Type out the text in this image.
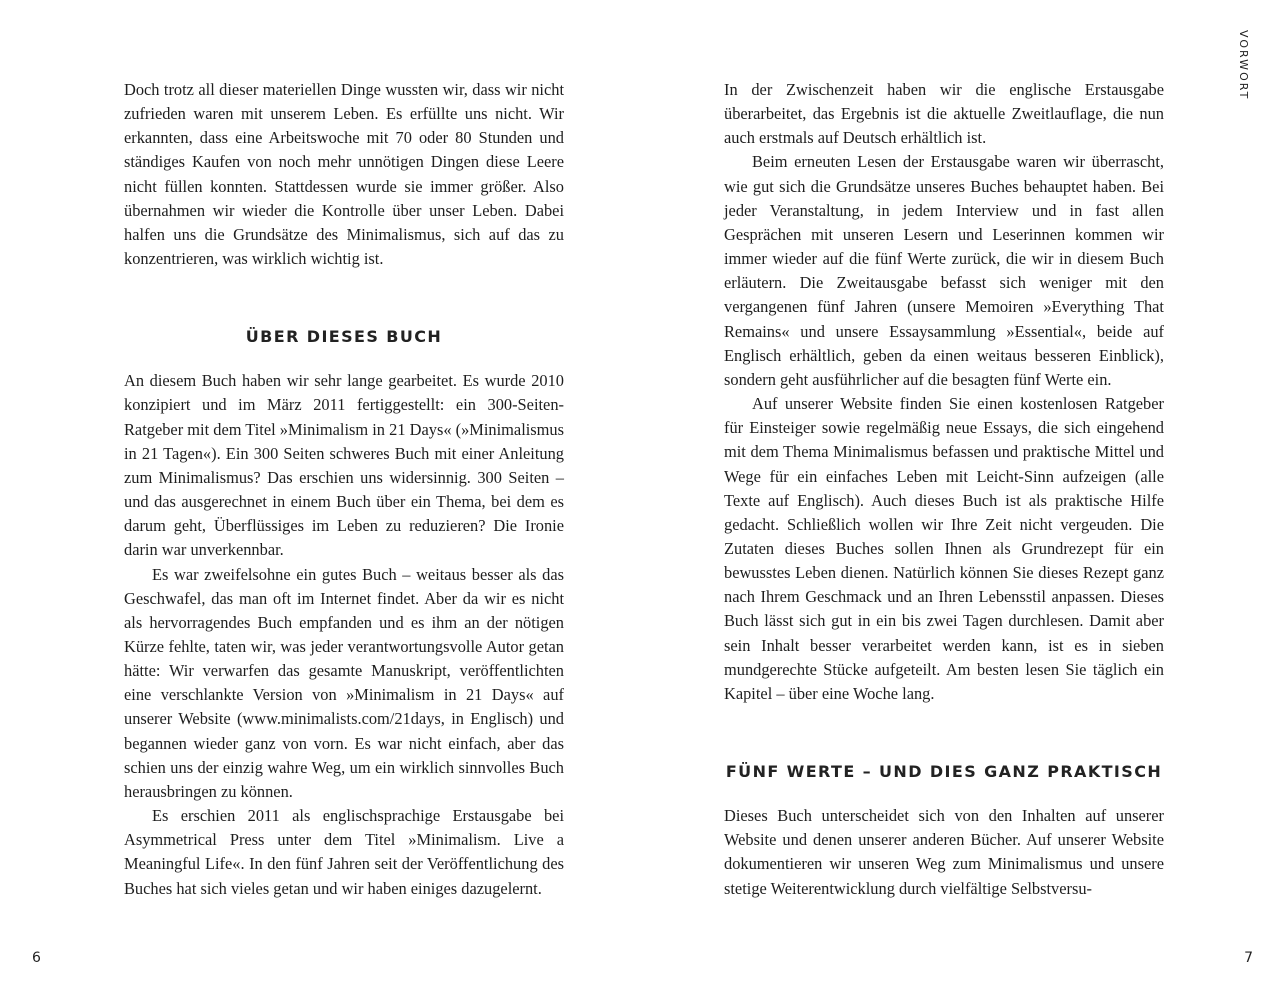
Doch trotz all dieser materiellen Dinge wussten wir, dass wir nicht zufrieden waren mit unserem Leben. Es erfüllte uns nicht. Wir erkannten, dass eine Arbeitswoche mit 70 oder 80 Stunden und ständiges Kaufen von noch mehr unnötigen Dingen diese Leere nicht füllen konnten. Stattdessen wurde sie immer größer. Also übernahmen wir wieder die Kontrolle über unser Leben. Dabei halfen uns die Grundsätze des Minimalismus, sich auf das zu konzentrieren, was wirklich wichtig ist.

ÜBER DIESES BUCH

An diesem Buch haben wir sehr lange gearbeitet. Es wurde 2010 konzipiert und im März 2011 fertiggestellt: ein 300-Seiten-Ratgeber mit dem Titel »Minimalism in 21 Days« (»Minimalismus in 21 Tagen«). Ein 300 Seiten schweres Buch mit einer Anleitung zum Minimalismus? Das erschien uns widersinnig. 300 Seiten – und das ausgerechnet in einem Buch über ein Thema, bei dem es darum geht, Überflüssiges im Leben zu reduzieren? Die Ironie darin war unverkennbar.

Es war zweifelsohne ein gutes Buch – weitaus besser als das Geschwafel, das man oft im Internet findet. Aber da wir es nicht als hervorragendes Buch empfanden und es ihm an der nötigen Kürze fehlte, taten wir, was jeder verantwortungsvolle Autor getan hätte: Wir verwarfen das gesamte Manuskript, veröffentlichten eine verschlankte Version von »Minimalism in 21 Days« auf unserer Website (www.minimalists.com/21days, in Englisch) und begannen wieder ganz von vorn. Es war nicht einfach, aber das schien uns der einzig wahre Weg, um ein wirklich sinnvolles Buch herausbringen zu können.

Es erschien 2011 als englischsprachige Erstausgabe bei Asymmetrical Press unter dem Titel »Minimalism. Live a Meaningful Life«. In den fünf Jahren seit der Veröffentlichung des Buches hat sich vieles getan und wir haben einiges dazugelernt.

6

In der Zwischenzeit haben wir die englische Erstausgabe überarbeitet, das Ergebnis ist die aktuelle Zweitlauflage, die nun auch erstmals auf Deutsch erhältlich ist.

Beim erneuten Lesen der Erstausgabe waren wir überrascht, wie gut sich die Grundsätze unseres Buches behauptet haben. Bei jeder Veranstaltung, in jedem Interview und in fast allen Gesprächen mit unseren Lesern und Leserinnen kommen wir immer wieder auf die fünf Werte zurück, die wir in diesem Buch erläutern. Die Zweitausgabe befasst sich weniger mit den vergangenen fünf Jahren (unsere Memoiren »Everything That Remains« und unsere Essaysammlung »Essential«, beide auf Englisch erhältlich, geben da einen weitaus besseren Einblick), sondern geht ausführlicher auf die besagten fünf Werte ein.

Auf unserer Website finden Sie einen kostenlosen Ratgeber für Einsteiger sowie regelmäßig neue Essays, die sich eingehend mit dem Thema Minimalismus befassen und praktische Mittel und Wege für ein einfaches Leben mit Leicht-Sinn aufzeigen (alle Texte auf Englisch). Auch dieses Buch ist als praktische Hilfe gedacht. Schließlich wollen wir Ihre Zeit nicht vergeuden. Die Zutaten dieses Buches sollen Ihnen als Grundrezept für ein bewusstes Leben dienen. Natürlich können Sie dieses Rezept ganz nach Ihrem Geschmack und an Ihren Lebensstil anpassen. Dieses Buch lässt sich gut in ein bis zwei Tagen durchlesen. Damit aber sein Inhalt besser verarbeitet werden kann, ist es in sieben mundgerechte Stücke aufgeteilt. Am besten lesen Sie täglich ein Kapitel – über eine Woche lang.

FÜNF WERTE – UND DIES GANZ PRAKTISCH

Dieses Buch unterscheidet sich von den Inhalten auf unserer Website und denen unserer anderen Bücher. Auf unserer Website dokumentieren wir unseren Weg zum Minimalismus und unsere stetige Weiterentwicklung durch vielfältige Selbstversu-

7
VORWORT
